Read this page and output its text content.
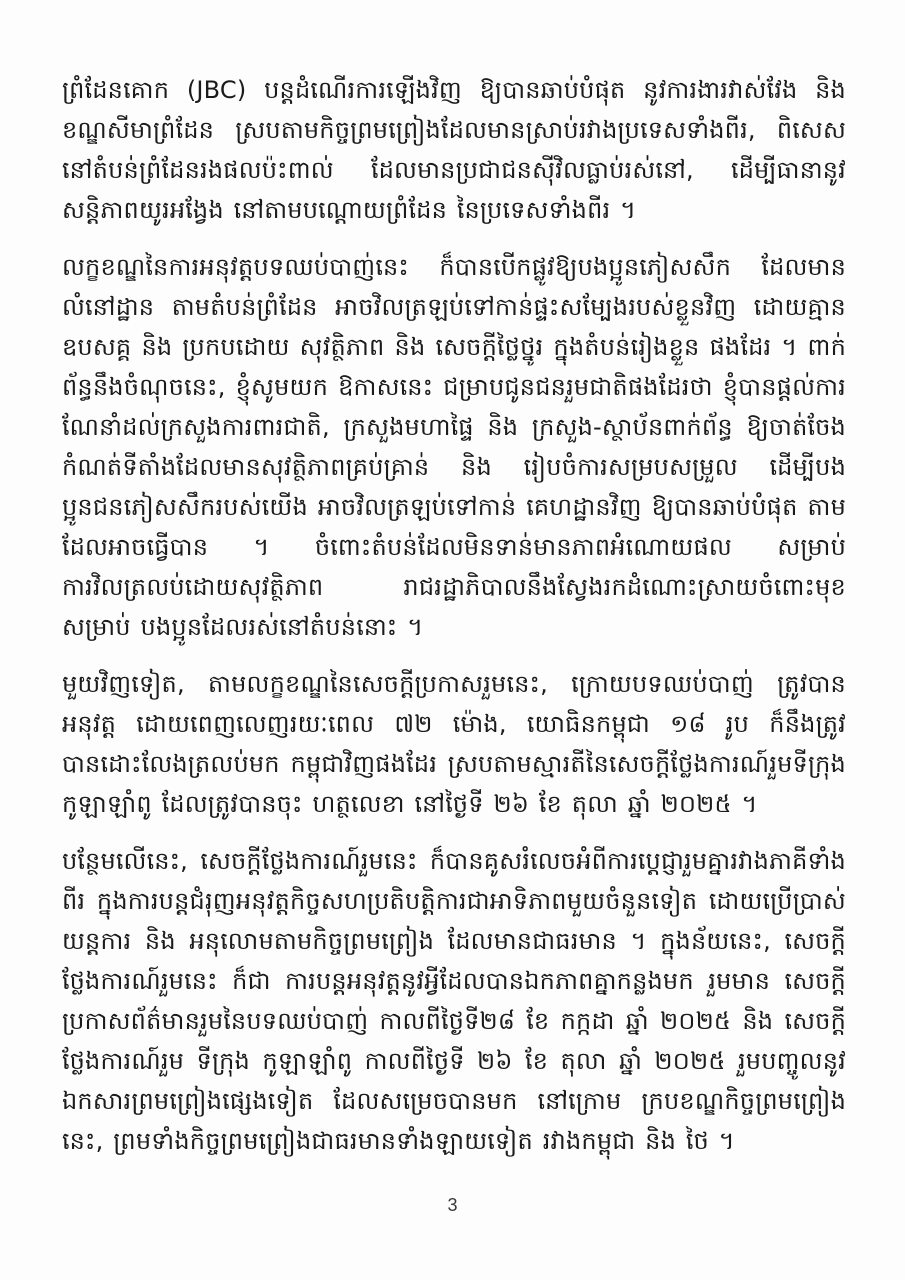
ព្រំដែនគោក (JBC) បន្តដំណើរការឡើងវិញ ឱ្យបានឆាប់បំផុត នូវការងារវាស់វែង និង ខណ្ឌសីមាព្រំដែន ស្របតាមកិច្ចព្រមព្រៀងដែលមានស្រាប់រវាងប្រទេសទាំងពីរ, ពិសេស នៅតំបន់ព្រំដែនរងផលប៉ះពាល់ ដែលមានប្រជាជនស៊ីវិលធ្លាប់រស់នៅ, ដើម្បីធានានូវសន្តិភាពយូរអង្វែង នៅតាមបណ្តោយព្រំដែន នៃប្រទេសទាំងពីរ ។

លក្ខខណ្ឌនៃការអនុវត្តបទឈប់បាញ់នេះ ក៏បានបើកផ្លូវឱ្យបងប្អូនភៀសសឹក ដែលមានលំនៅដ្ឋាន តាមតំបន់ព្រំដែន អាចវិលត្រឡប់ទៅកាន់ផ្ទះសម្បែងរបស់ខ្លួនវិញ ដោយគ្មានឧបសគ្គ និង ប្រកបដោយ សុវត្ថិភាព និង សេចក្តីថ្លៃថ្នូរ ក្នុងតំបន់រៀងខ្លួន ផងដែរ ។ ពាក់ព័ន្ធនឹងចំណុចនេះ, ខ្ញុំសូមយក ឱកាសនេះ ជម្រាបជូនជនរួមជាតិផងដែរថា ខ្ញុំបានផ្តល់ការណែនាំដល់ក្រសួងការពារជាតិ, ក្រសួងមហាផ្ទៃ និង ក្រសួង-ស្ថាប័នពាក់ព័ន្ធ ឱ្យចាត់ចែងកំណត់ទីតាំងដែលមានសុវត្ថិភាពគ្រប់គ្រាន់ និង រៀបចំការសម្របសម្រួល ដើម្បីបងប្អូនជនភៀសសឹករបស់យើង អាចវិលត្រឡប់ទៅកាន់ គេហដ្ឋានវិញ ឱ្យបានឆាប់បំផុត តាមដែលអាចធ្វើបាន ។ ចំពោះតំបន់ដែលមិនទាន់មានភាពអំណោយផល សម្រាប់ការវិលត្រលប់ដោយសុវត្ថិភាព រាជរដ្ឋាភិបាលនឹងស្វែងរកដំណោះស្រាយចំពោះមុខ សម្រាប់ បងប្អូនដែលរស់នៅតំបន់នោះ ។

មួយវិញទៀត, តាមលក្ខខណ្ឌនៃសេចក្តីប្រកាសរួមនេះ, ក្រោយបទឈប់បាញ់ ត្រូវបានអនុវត្ត ដោយពេញលេញរយៈពេល ៧២ ម៉ោង, យោធិនកម្ពុជា ១៨ រូប ក៏នឹងត្រូវបានដោះលែងត្រលប់មក កម្ពុជាវិញផងដែរ ស្របតាមស្មារតីនៃសេចក្តីថ្លែងការណ៍រួមទីក្រុង កូឡាឡាំពូ ដែលត្រូវបានចុះ ហត្ថលេខា នៅថ្ងៃទី ២៦ ខែ តុលា ឆ្នាំ ២០២៥ ។

បន្ថែមលើនេះ, សេចក្តីថ្លែងការណ៍រួមនេះ ក៏បានគូសរំលេចអំពីការប្តេជ្ញារួមគ្នារវាងភាគីទាំងពីរ ក្នុងការបន្តជំរុញអនុវត្តកិច្ចសហប្រតិបត្តិការជាអាទិភាពមួយចំនួនទៀត ដោយប្រើប្រាស់យន្តការ និង អនុលោមតាមកិច្ចព្រមព្រៀង ដែលមានជាធរមាន ។ ក្នុងន័យនេះ, សេចក្តីថ្លែងការណ៍រួមនេះ ក៏ជា ការបន្តអនុវត្តនូវអ្វីដែលបានឯកភាពគ្នាកន្លងមក រួមមាន សេចក្តីប្រកាសព័ត៌មានរួមនៃបទឈប់បាញ់ កាលពីថ្ងៃទី២៨ ខែ កក្កដា ឆ្នាំ ២០២៥ និង សេចក្តីថ្លែងការណ៍រួម ទីក្រុង កូឡាឡាំពូ កាលពីថ្ងៃទី ២៦ ខែ តុលា ឆ្នាំ ២០២៥ រួមបញ្ចូលនូវឯកសារព្រមព្រៀងផ្សេងទៀត ដែលសម្រេចបានមក នៅក្រោម ក្របខណ្ឌកិច្ចព្រមព្រៀងនេះ, ព្រមទាំងកិច្ចព្រមព្រៀងជាធរមានទាំងឡាយទៀត រវាងកម្ពុជា និង ថៃ ។

3
